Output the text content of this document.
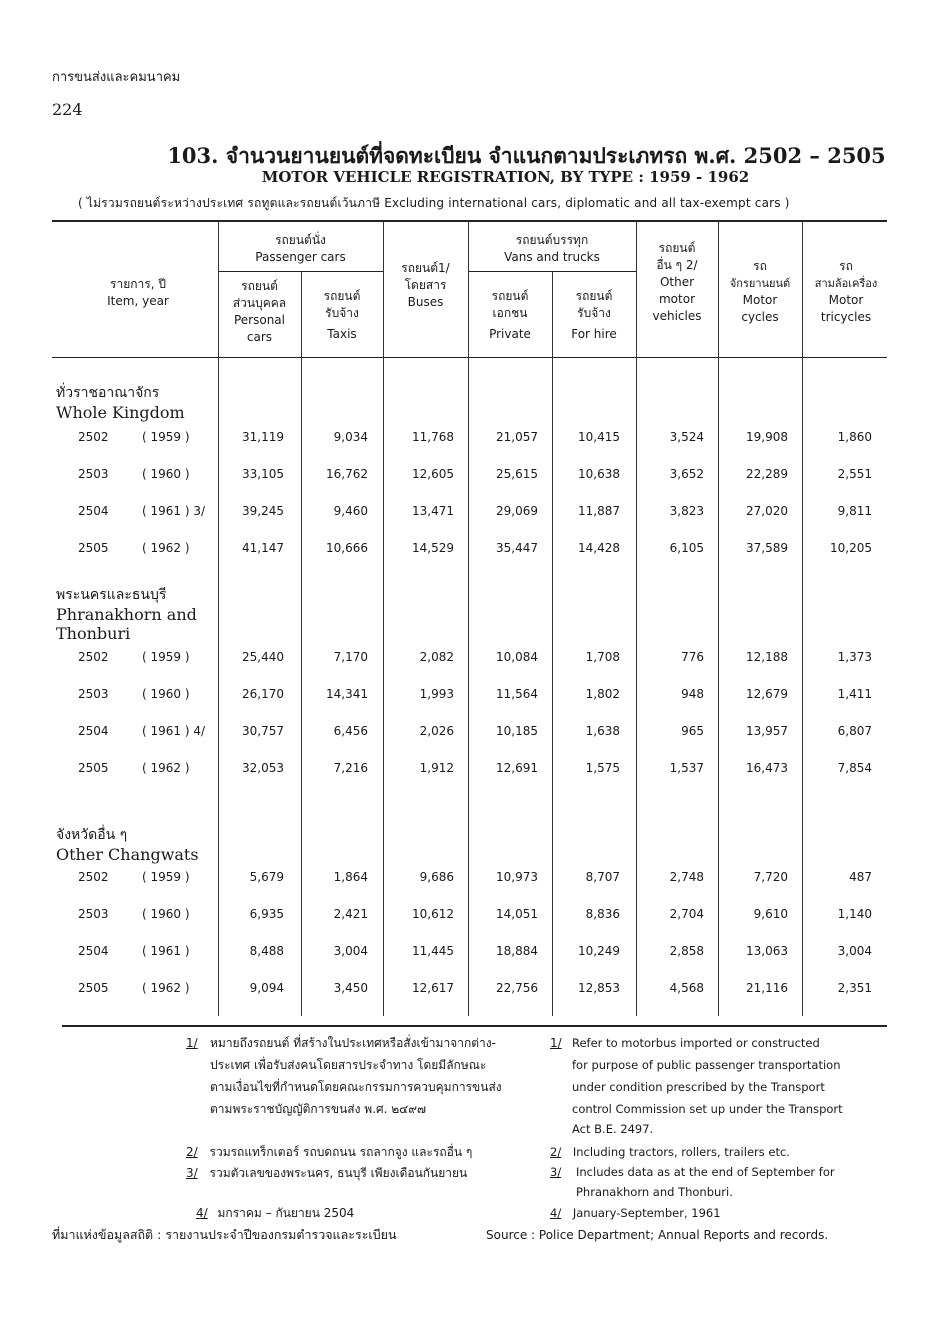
การขนส่งและคมนาคม
224
103. จำนวนยานยนต์ที่จดทะเบียน จำแนกตามประเภทรถ พ.ศ. 2502 – 2505
MOTOR VEHICLE REGISTRATION, BY TYPE : 1959 - 1962
( ไม่รวมรถยนต์ระหว่างประเทศ รถทูตและรถยนต์เว้นภาษี Excluding international cars, diplomatic and all tax-exempt cars )
รายการ, ปี
Item, year
รถยนต์นั่ง
Passenger cars
รถยนต์
ส่วนบุคคล
Personal
cars
รถยนต์
รับจ้าง
Taxis
รถยนต์1/
โดยสาร
Buses
รถยนต์บรรทุก
Vans and trucks
รถยนต์
เอกชน
Private
รถยนต์
รับจ้าง
For hire
รถยนต์
อื่น ๆ 2/
Other
motor
vehicles
รถ
จักรยานยนต์
Motor
cycles
รถ
สามล้อเครื่อง
Motor
tricycles
ทั่วราชอาณาจักร
Whole Kingdom
พระนครและธนบุรี
Phranakhorn and Thonburi
จังหวัดอื่น ๆ
Other Changwats
2502	( 1959 )	31,119	9,034	11,768	21,057	10,415	3,524	19,908	1,860
2503	( 1960 )	33,105	16,762	12,605	25,615	10,638	3,652	22,289	2,551
2504	( 1961 ) 3/	39,245	9,460	13,471	29,069	11,887	3,823	27,020	9,811
2505	( 1962 )	41,147	10,666	14,529	35,447	14,428	6,105	37,589	10,205
2502	( 1959 )	25,440	7,170	2,082	10,084	1,708	776	12,188	1,373
2503	( 1960 )	26,170	14,341	1,993	11,564	1,802	948	12,679	1,411
2504	( 1961 ) 4/	30,757	6,456	2,026	10,185	1,638	965	13,957	6,807
2505	( 1962 )	32,053	7,216	1,912	12,691	1,575	1,537	16,473	7,854
2502	( 1959 )	5,679	1,864	9,686	10,973	8,707	2,748	7,720	487
2503	( 1960 )	6,935	2,421	10,612	14,051	8,836	2,704	9,610	1,140
2504	( 1961 )	8,488	3,004	11,445	18,884	10,249	2,858	13,063	3,004
2505	( 1962 )	9,094	3,450	12,617	22,756	12,853	4,568	21,116	2,351
1/ หมายถึงรถยนต์ ที่สร้างในประเทศหรือสั่งเข้ามาจากต่าง-
ประเทศ เพื่อรับส่งคนโดยสารประจำทาง โดยมีลักษณะ
ตามเงื่อนไขที่กำหนดโดยคณะกรรมการควบคุมการขนส่ง
ตามพระราชบัญญัติการขนส่ง พ.ศ. ๒๔๙๗
1/ Refer to motorbus imported or constructed
for purpose of public passenger transportation
under condition prescribed by the Transport
control Commission set up under the Transport
Act B.E. 2497.
2/ รวมรถแทร็กเตอร์ รถบดถนน รถลากจูง และรถอื่น ๆ	2/ Including tractors, rollers, trailers etc.
3/ รวมตัวเลขของพระนคร, ธนบุรี เพียงเดือนกันยายน	3/ Includes data as at the end of September for
Phranakhorn and Thonburi.
4/ มกราคม – กันยายน 2504	4/ January-September, 1961
ที่มาแห่งข้อมูลสถิติ : รายงานประจำปีของกรมตำรวจและระเบียน	Source : Police Department; Annual Reports and records.
